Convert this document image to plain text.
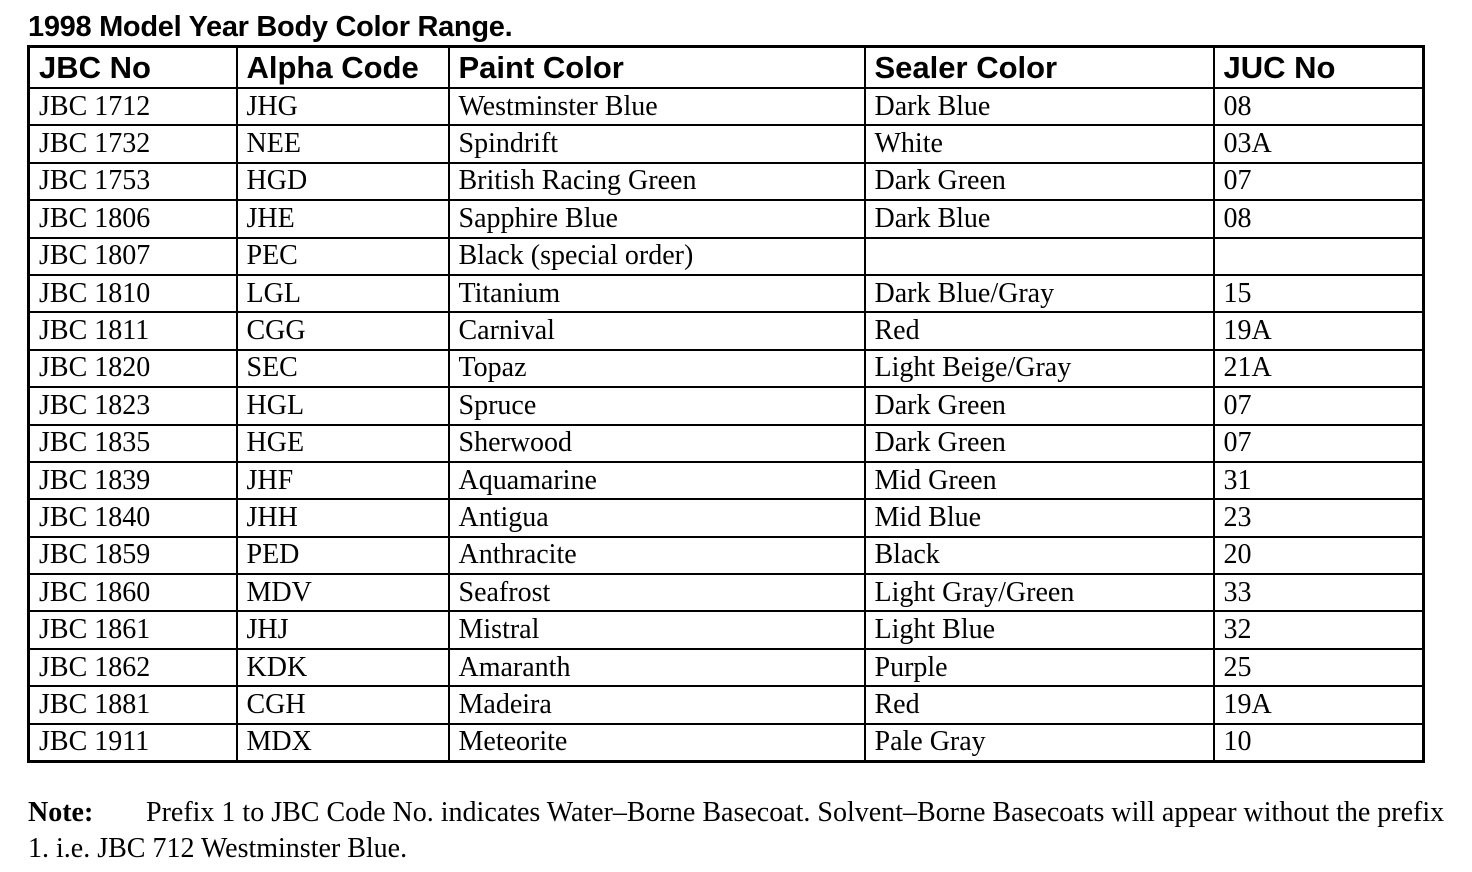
1998 Model Year Body Color Range.
JBC No	Alpha Code	Paint Color	Sealer Color	JUC No
JBC 1712	JHG	Westminster Blue	Dark Blue	08
JBC 1732	NEE	Spindrift	White	03A
JBC 1753	HGD	British Racing Green	Dark Green	07
JBC 1806	JHE	Sapphire Blue	Dark Blue	08
JBC 1807	PEC	Black (special order)		
JBC 1810	LGL	Titanium	Dark Blue/Gray	15
JBC 1811	CGG	Carnival	Red	19A
JBC 1820	SEC	Topaz	Light Beige/Gray	21A
JBC 1823	HGL	Spruce	Dark Green	07
JBC 1835	HGE	Sherwood	Dark Green	07
JBC 1839	JHF	Aquamarine	Mid Green	31
JBC 1840	JHH	Antigua	Mid Blue	23
JBC 1859	PED	Anthracite	Black	20
JBC 1860	MDV	Seafrost	Light Gray/Green	33
JBC 1861	JHJ	Mistral	Light Blue	32
JBC 1862	KDK	Amaranth	Purple	25
JBC 1881	CGH	Madeira	Red	19A
JBC 1911	MDX	Meteorite	Pale Gray	10
Note: Prefix 1 to JBC Code No. indicates Water–Borne Basecoat. Solvent–Borne Basecoats will appear without the prefix 1. i.e. JBC 712 Westminster Blue.
